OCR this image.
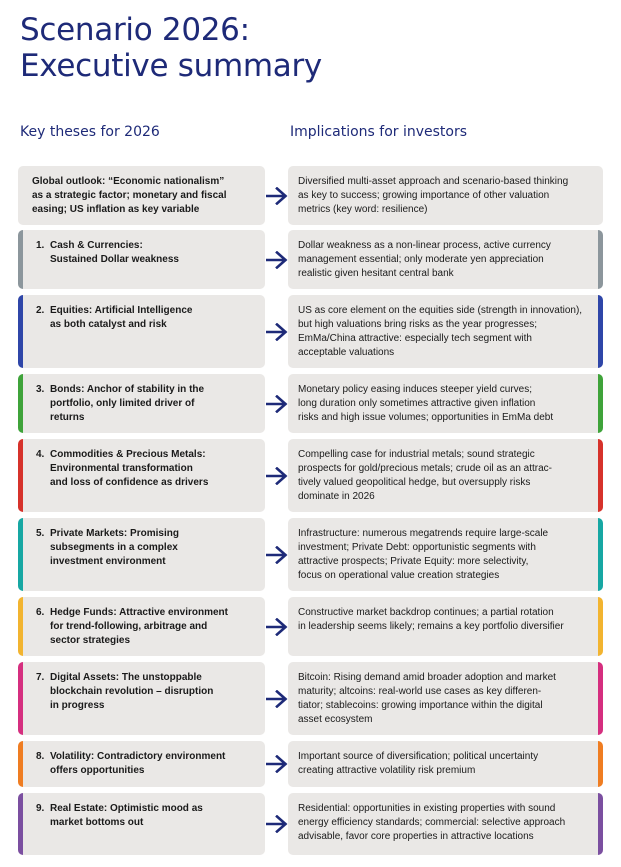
Scenario 2026:
Executive summary
Key theses for 2026	Implications for investors
Global outlook: “Economic nationalism”
as a strategic factor; monetary and fiscal
easing; US inflation as key variable
Diversified multi-asset approach and scenario-based thinking
as key to success; growing importance of other valuation
metrics (key word: resilience)
1. Cash & Currencies:
Sustained Dollar weakness
Dollar weakness as a non-linear process, active currency
management essential; only moderate yen appreciation
realistic given hesitant central bank
2. Equities: Artificial Intelligence
as both catalyst and risk
US as core element on the equities side (strength in innovation),
but high valuations bring risks as the year progresses;
EmMa/China attractive: especially tech segment with
acceptable valuations
3. Bonds: Anchor of stability in the
portfolio, only limited driver of
returns
Monetary policy easing induces steeper yield curves;
long duration only sometimes attractive given inflation
risks and high issue volumes; opportunities in EmMa debt
4. Commodities & Precious Metals:
Environmental transformation
and loss of confidence as drivers
Compelling case for industrial metals; sound strategic
prospects for gold/precious metals; crude oil as an attrac-
tively valued geopolitical hedge, but oversupply risks
dominate in 2026
5. Private Markets: Promising
subsegments in a complex
investment environment
Infrastructure: numerous megatrends require large-scale
investment; Private Debt: opportunistic segments with
attractive prospects; Private Equity: more selectivity,
focus on operational value creation strategies
6. Hedge Funds: Attractive environment
for trend-following, arbitrage and
sector strategies
Constructive market backdrop continues; a partial rotation
in leadership seems likely; remains a key portfolio diversifier
7. Digital Assets: The unstoppable
blockchain revolution – disruption
in progress
Bitcoin: Rising demand amid broader adoption and market
maturity; altcoins: real-world use cases as key differen-
tiator; stablecoins: growing importance within the digital
asset ecosystem
8. Volatility: Contradictory environment
offers opportunities
Important source of diversification; political uncertainty
creating attractive volatility risk premium
9. Real Estate: Optimistic mood as
market bottoms out
Residential: opportunities in existing properties with sound
energy efficiency standards; commercial: selective approach
advisable, favor core properties in attractive locations
